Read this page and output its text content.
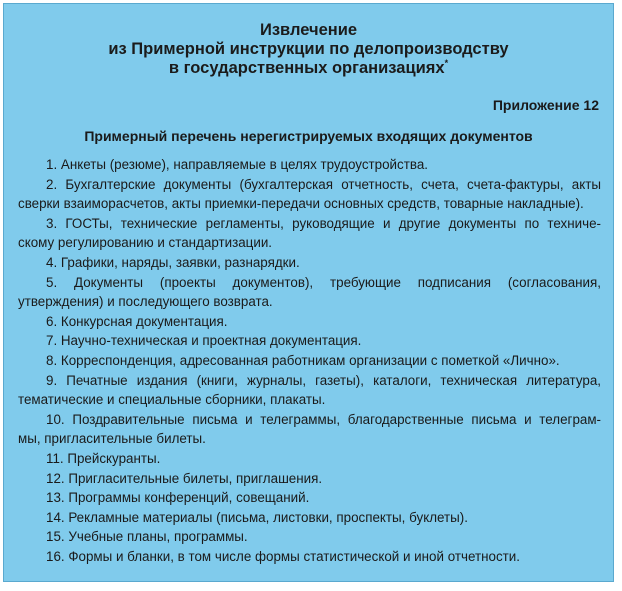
Извлечение
из Примерной инструкции по делопроизводству
в государственных организациях*
Приложение 12
Примерный перечень нерегистрируемых входящих документов
1. Анкеты (резюме), направляемые в целях трудоустройства.
2. Бухгалтерские документы (бухгалтерская отчетность, счета, счета-фактуры, акты
сверки взаиморасчетов, акты приемки-передачи основных средств, товарные накладные).
3. ГОСТы, технические регламенты, руководящие и другие документы по техниче-
скому регулированию и стандартизации.
4. Графики, наряды, заявки, разнарядки.
5. Документы (проекты документов), требующие подписания (согласования,
утверждения) и последующего возврата.
6. Конкурсная документация.
7. Научно-техническая и проектная документация.
8. Корреспонденция, адресованная работникам организации с пометкой «Лично».
9. Печатные издания (книги, журналы, газеты), каталоги, техническая литература,
тематические и специальные сборники, плакаты.
10. Поздравительные письма и телеграммы, благодарственные письма и телеграм-
мы, пригласительные билеты.
11. Прейскуранты.
12. Пригласительные билеты, приглашения.
13. Программы конференций, совещаний.
14. Рекламные материалы (письма, листовки, проспекты, буклеты).
15. Учебные планы, программы.
16. Формы и бланки, в том числе формы статистической и иной отчетности.
